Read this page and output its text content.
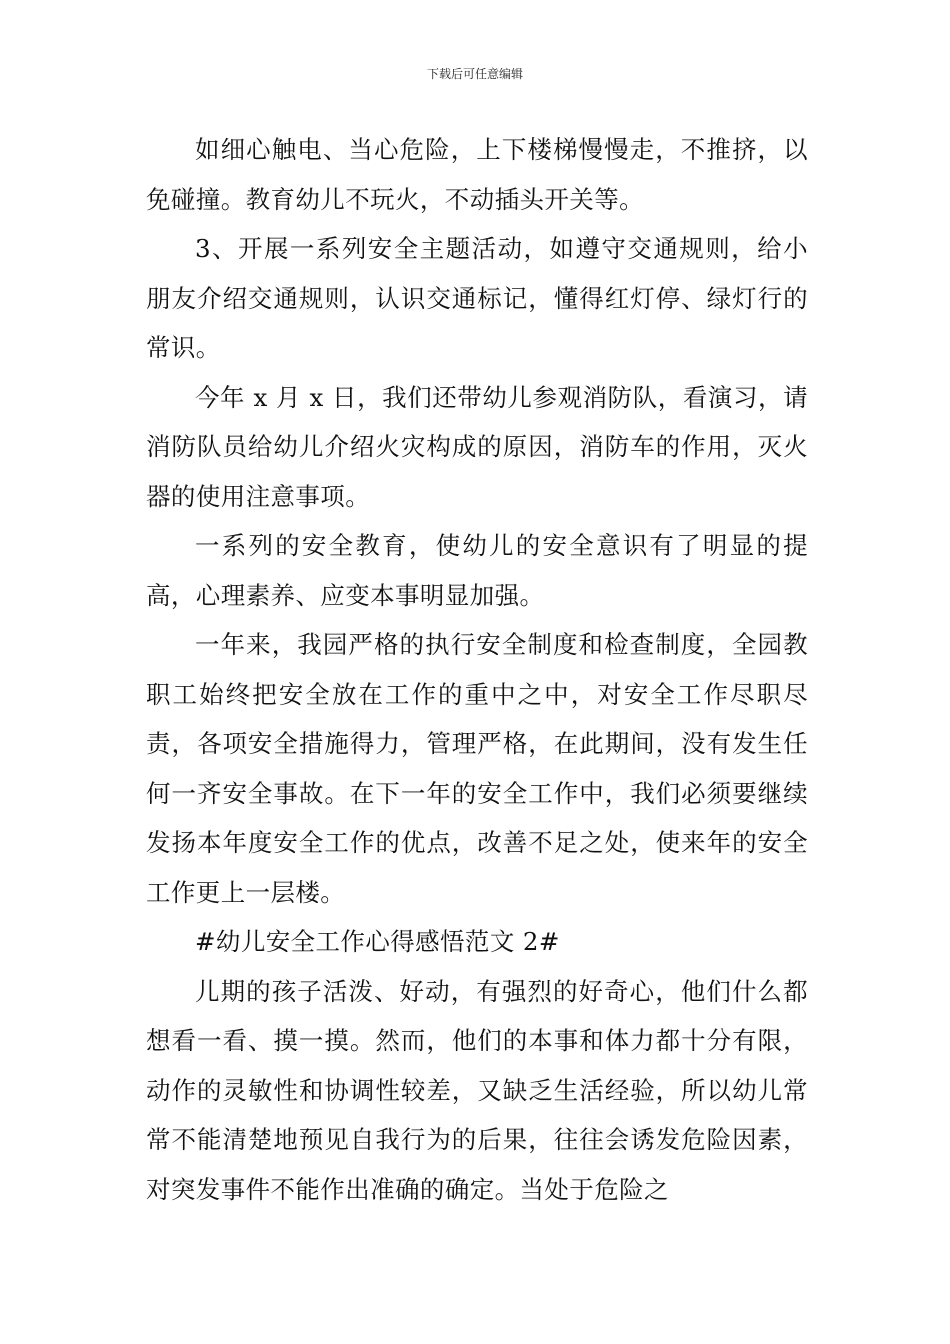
下载后可任意编辑

如细心触电、当心危险，上下楼梯慢慢走，不推挤，以免碰撞。教育幼儿不玩火，不动插头开关等。

3、开展一系列安全主题活动，如遵守交通规则，给小朋友介绍交通规则，认识交通标记，懂得红灯停、绿灯行的常识。

今年 x 月 x 日，我们还带幼儿参观消防队，看演习，请消防队员给幼儿介绍火灾构成的原因，消防车的作用，灭火器的使用注意事项。

一系列的安全教育，使幼儿的安全意识有了明显的提高，心理素养、应变本事明显加强。

一年来，我园严格的执行安全制度和检查制度，全园教职工始终把安全放在工作的重中之中，对安全工作尽职尽责，各项安全措施得力，管理严格，在此期间，没有发生任何一齐安全事故。在下一年的安全工作中，我们必须要继续发扬本年度安全工作的优点，改善不足之处，使来年的安全工作更上一层楼。

#幼儿安全工作心得感悟范文 2#

儿期的孩子活泼、好动，有强烈的好奇心，他们什么都想看一看、摸一摸。然而，他们的本事和体力都十分有限，动作的灵敏性和协调性较差，又缺乏生活经验，所以幼儿常常不能清楚地预见自我行为的后果，往往会诱发危险因素，对突发事件不能作出准确的确定。当处于危险之
